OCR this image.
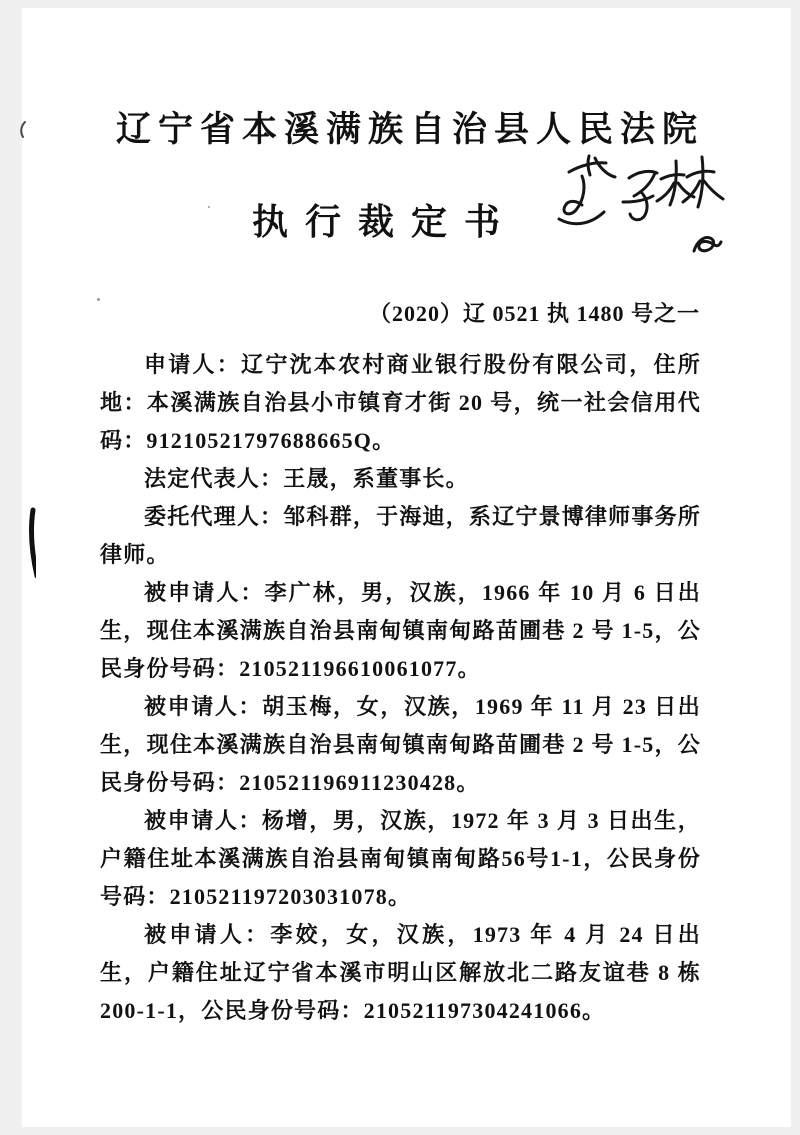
辽宁省本溪满族自治县人民法院
执行裁定书

（2020）辽 0521 执 1480 号之一

申请人：辽宁沈本农村商业银行股份有限公司，住所地：本溪满族自治县小市镇育才街 20 号，统一社会信用代码：91210521797688665Q。

法定代表人：王晟，系董事长。

委托代理人：邹科群，于海迪，系辽宁景博律师事务所律师。

被申请人：李广林，男，汉族，1966 年 10 月 6 日出生，现住本溪满族自治县南甸镇南甸路苗圃巷 2 号 1-5，公民身份号码：210521196610061077。

被申请人：胡玉梅，女，汉族，1969 年 11 月 23 日出生，现住本溪满族自治县南甸镇南甸路苗圃巷 2 号 1-5，公民身份号码：210521196911230428。

被申请人：杨增，男，汉族，1972 年 3 月 3 日出生，户籍住址本溪满族自治县南甸镇南甸路56号1-1，公民身份号码：210521197203031078。

被申请人：李姣，女，汉族，1973 年 4 月 24 日出生，户籍住址辽宁省本溪市明山区解放北二路友谊巷 8 栋 200-1-1，公民身份号码：210521197304241066。
